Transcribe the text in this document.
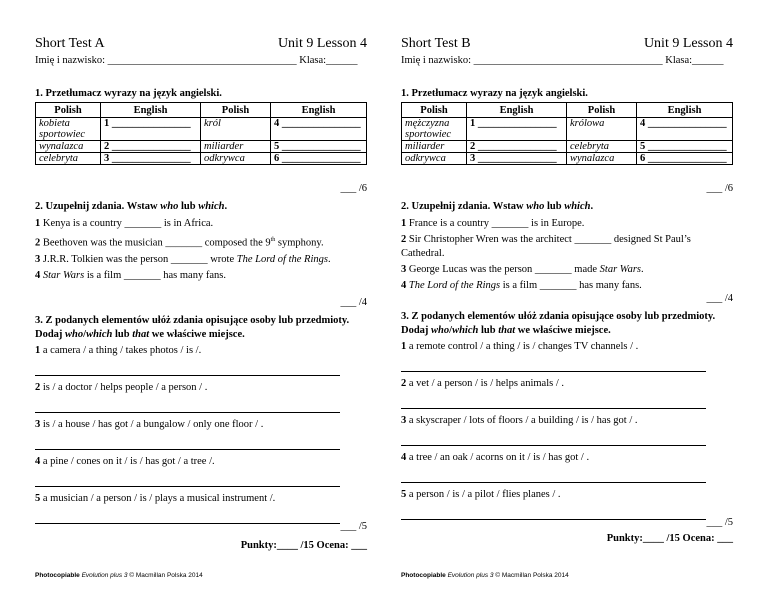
Short Test A	Unit 9 Lesson 4
Imię i nazwisko: ____________________________________ Klasa:______
1. Przetłumacz wyrazy na język angielski.
Polish	English	Polish	English
kobieta sportowiec	1 _______________	król	4 _______________
wynalazca	2 _______________	miliarder	5 _______________
celebryta	3 _______________	odkrywca	6 _______________
___ /6
2. Uzupełnij zdania. Wstaw who lub which.

1 Kenya is a country _______ is in Africa.

2 Beethoven was the musician _______ composed the 9th symphony.

3 J.R.R. Tolkien was the person _______ wrote The Lord of the Rings.

4 Star Wars is a film _______ has many fans.

___ /4
3. Z podanych elementów ułóż zdania opisujące osoby lub przedmioty. Dodaj who/which lub that we właściwe miejsce.

1 a camera / a thing / takes photos / is /.

2 is / a doctor / helps people / a person / .

3 is / a house / has got / a bungalow / only one floor / .

4 a pine / cones on it / is / has got / a tree /.

5 a musician / a person / is / plays a musical instrument /.

___ /5
Punkty:____ /15 Ocena: ___
Photocopiable Evolution plus 3 © Macmillan Polska 2014
Short Test B	Unit 9 Lesson 4
Imię i nazwisko: ____________________________________ Klasa:______
1. Przetłumacz wyrazy na język angielski.
Polish	English	Polish	English
mężczyzna sportowiec	1 _______________	królowa	4 _______________
miliarder	2 _______________	celebryta	5 _______________
odkrywca	3 _______________	wynalazca	6 _______________
___ /6
2. Uzupełnij zdania. Wstaw who lub which.

1 France is a country _______ is in Europe.

2 Sir Christopher Wren was the architect _______ designed St Paul’s Cathedral.

3 George Lucas was the person _______ made Star Wars.

4 The Lord of the Rings is a film _______ has many fans.

___ /4
3. Z podanych elementów ułóż zdania opisujące osoby lub przedmioty. Dodaj who/which lub that we właściwe miejsce.

1 a remote control / a thing / is / changes TV channels / .

2 a vet / a person / is / helps animals / .

3 a skyscraper / lots of floors / a building / is / has got / .

4 a tree / an oak / acorns on it / is / has got / .

5 a person / is / a pilot / flies planes / .

___ /5
Punkty:____ /15 Ocena: ___
Photocopiable Evolution plus 3 © Macmillan Polska 2014
